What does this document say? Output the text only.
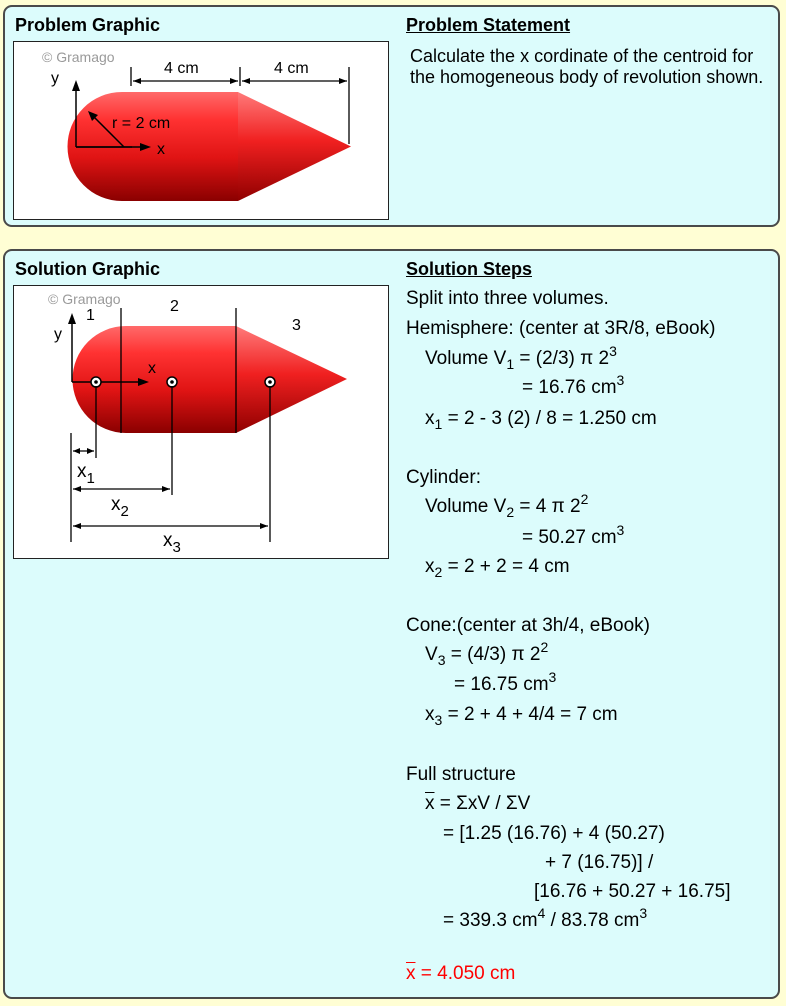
Problem Graphic	Problem Statement
© Gramago
4 cm	4 cm
y
x
r = 2 cm

Calculate the x cordinate of the centroid for the homogeneous body of revolution shown.

Solution Graphic	Solution Steps
© Gramago
1
2
3
y
x
$x_1$
$x_2$
$x_3$
Split into three volumes.
Hemisphere: (center at 3R/8, eBook)
Volume $V_1 = (2/3)$ π $2^3$
= 16.76 $cm^3$
$x_1 = 2 - 3$ (2) / 8 = 1.250 cm
Cylinder:
Volume $V_2 = 4$ π $2^2$
= 50.27 $cm^3$
$x_2 = 2 + 2 = 4$ cm
Cone:(center at 3h/4, eBook)
$V_3 = (4/3)$ π $2^2$
= 16.75 $cm^3$
$x_3 = 2 + 4 + 4/4 = 7$ cm
Full structure
$\overline{x} = \Sigma xV / \Sigma V$
= [1.25 (16.76) + 4 (50.27)
+ 7 (16.75)] /
[16.76 + 50.27 + 16.75]
= 339.3 $cm^4 / 83.78$ $cm^3$
$\overline{x} = 4.050$ cm
